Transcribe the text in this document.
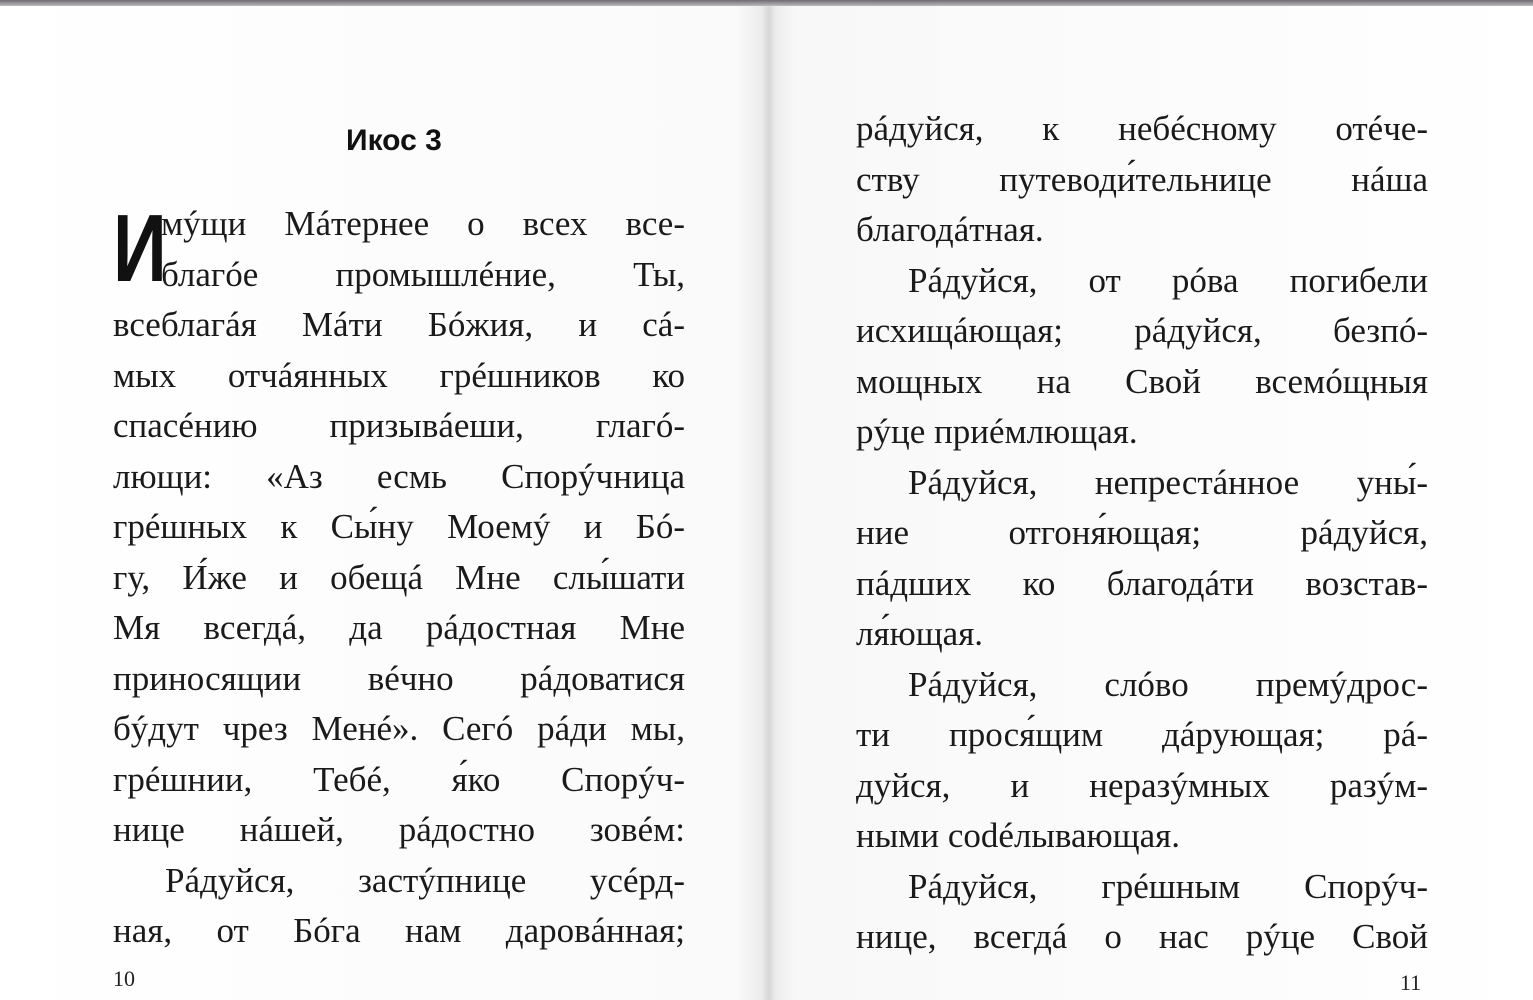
Икос 3
И
мýщи Мáтернее о всех все-
благóе промышлéние, Ты,
всеблагáя Мáти Бóжия, и сá-
мых отчáянных грéшников ко
спасéнию призывáеши, глагó-
лющи: «Аз есмь Спорýчница
грéшных к Сы́ну Моемý и Бó-
гу, И́же и обещá Мне слы́шати
Мя всегдá, да рáдостная Мне
приносящии вéчно рáдоватися
бýдут чрез Менé». Сегó рáди мы,
грéшнии, Тебé, я́ко Спорýч-
нице нáшей, рáдостно зовéм:
Рáдуйся, застýпнице усéрд-
ная, от Бóга нам даровáнная;
10
рáдуйся, к небéсному отéче-
ству путеводи́тельнице нáша
благодáтная.
Рáдуйся, от рóва погибели
исхищáющая; рáдуйся, безпó-
мощных на Свой всемóщныя
рýце приéмлющая.
Рáдуйся, непрестáнное уны́-
ние отгоня́ющая; рáдуйся,
пáдших ко благодáти возстав-
ля́ющая.
Рáдуйся, слóво премýдрос-
ти прося́щим дáрующая; рá-
дуйся, и неразýмных разýм-
ными сodéлывающая.
Рáдуйся, грéшным Спорýч-
нице, всегдá о нас рýце Свой
11
